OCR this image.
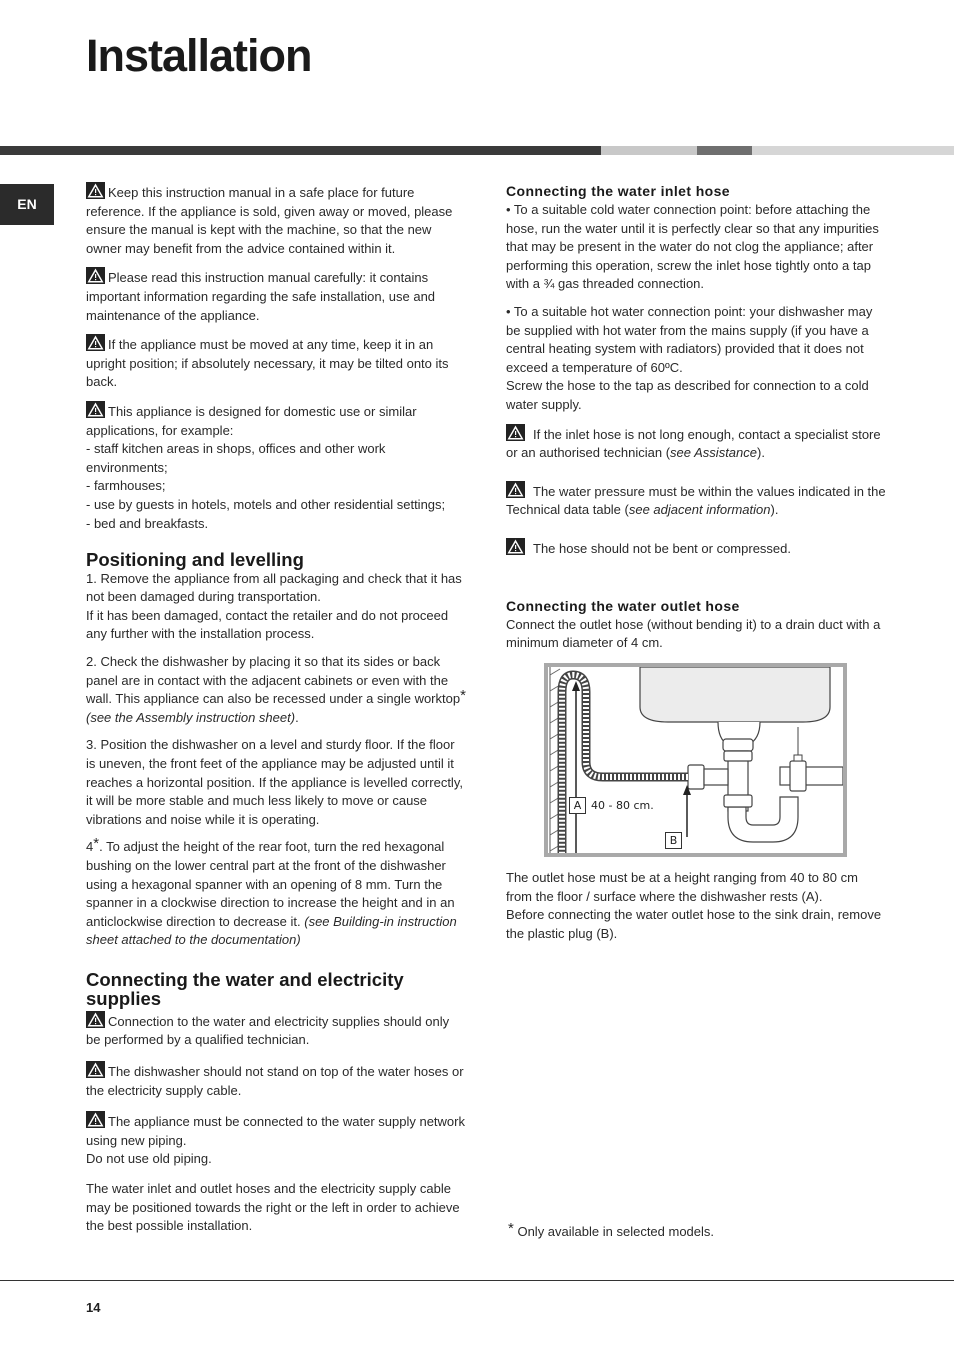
Installation
EN

Keep this instruction manual in a safe place for future reference. If the appliance is sold, given away or moved, please ensure the manual is kept with the machine, so that the new owner may benefit from the advice contained within it.

Please read this instruction manual carefully: it contains important information regarding the safe installation, use and maintenance of the appliance.

If the appliance must be moved at any time, keep it in an upright position; if absolutely necessary, it may be tilted onto its back.

This appliance is designed for domestic use or similar applications, for example:
- staff kitchen areas in shops, offices and other work environments;
- farmhouses;
- use by guests in hotels, motels and other residential settings;
- bed and breakfasts.

Positioning and levelling

1. Remove the appliance from all packaging and check that it has not been damaged during transportation.
If it has been damaged, contact the retailer and do not proceed any further with the installation process.

2. Check the dishwasher by placing it so that its sides or back panel are in contact with the adjacent cabinets or even with the wall. This appliance can also be recessed under a single worktop* (see the Assembly instruction sheet).

3. Position the dishwasher on a level and sturdy floor. If the floor is uneven, the front feet of the appliance may be adjusted until it reaches a horizontal position. If the appliance is levelled correctly, it will be more stable and much less likely to move or cause vibrations and noise while it is operating.

4*. To adjust the height of the rear foot, turn the red hexagonal bushing on the lower central part at the front of the dishwasher using a hexagonal spanner with an opening of 8 mm. Turn the spanner in a clockwise direction to increase the height and in an anticlockwise direction to decrease it. (see Building-in instruction sheet attached to the documentation)

Connecting the water and electricity supplies

Connection to the water and electricity supplies should only be performed by a qualified technician.

The dishwasher should not stand on top of the water hoses or the electricity supply cable.

The appliance must be connected to the water supply network using new piping.
Do not use old piping.

The water inlet and outlet hoses and the electricity supply cable may be positioned towards the right or the left in order to achieve the best possible installation.

Connecting the water inlet hose

• To a suitable cold water connection point: before attaching the hose, run the water until it is perfectly clear so that any impurities that may be present in the water do not clog the appliance; after performing this operation, screw the inlet hose tightly onto a tap with a ¾ gas threaded connection.

• To a suitable hot water connection point: your dishwasher may be supplied with hot water from the mains supply (if you have a central heating system with radiators) provided that it does not exceed a temperature of 60ºC.
Screw the hose to the tap as described for connection to a cold water supply.

If the inlet hose is not long enough, contact a specialist store or an authorised technician (see Assistance).

The water pressure must be within the values indicated in the Technical data table (see adjacent information).

The hose should not be bent or compressed.

Connecting the water outlet hose

Connect the outlet hose (without bending it) to a drain duct with a minimum diameter of 4 cm.

A 40 - 80 cm.
B

The outlet hose must be at a height ranging from 40 to 80 cm from the floor / surface where the dishwasher rests (A).
Before connecting the water outlet hose to the sink drain, remove the plastic plug (B).

* Only available in selected models.
14
